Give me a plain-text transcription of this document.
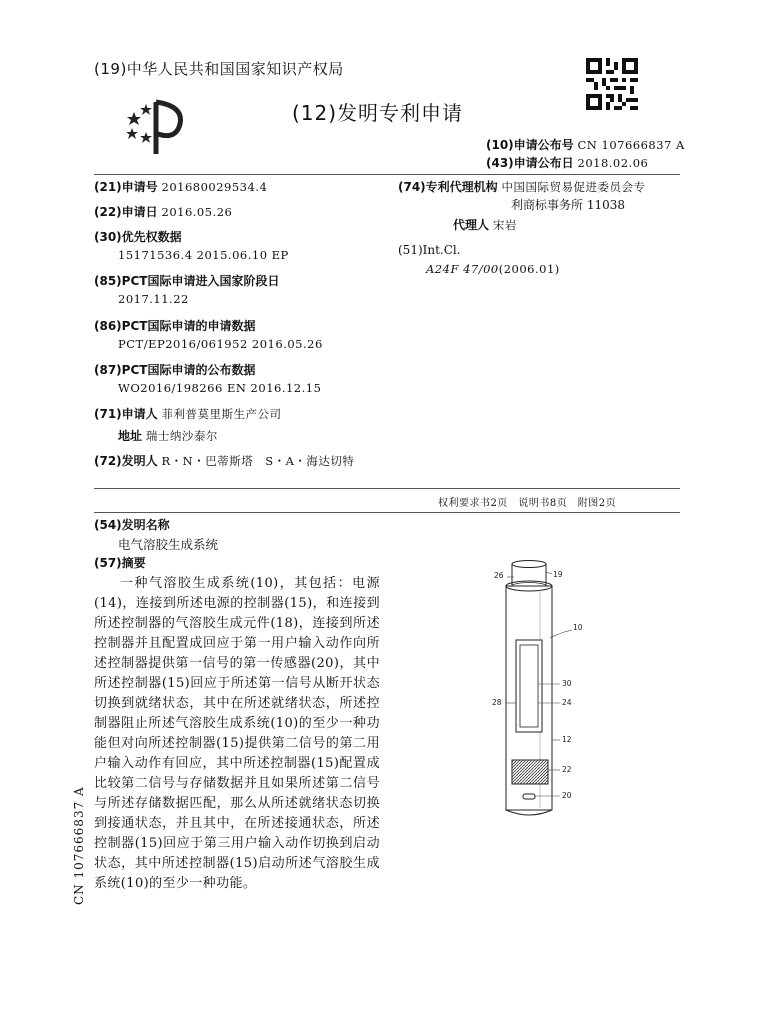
(19)中华人民共和国国家知识产权局
(12)发明专利申请
(10)申请公布号 CN 107666837 A
(43)申请公布日 2018.02.06
(21)申请号 201680029534.4
(22)申请日 2016.05.26
(30)优先权数据
15171536.4 2015.06.10 EP
(85)PCT国际申请进入国家阶段日
2017.11.22
(86)PCT国际申请的申请数据
PCT/EP2016/061952 2016.05.26
(87)PCT国际申请的公布数据
WO2016/198266 EN 2016.12.15
(71)申请人 菲利普莫里斯生产公司
地址 瑞士纳沙泰尔
(72)发明人 R・N・巴蒂斯塔　S・A・海达切特
(74)专利代理机构 中国国际贸易促进委员会专
利商标事务所 11038
代理人 宋岩
(51)Int.Cl.
A24F 47/00(2006.01)
权利要求书2页　说明书8页　附图2页
(54)发明名称
电气溶胶生成系统
(57)摘要
一种气溶胶生成系统(10)，其包括：电源(14)，连接到所述电源的控制器(15)，和连接到所述控制器的气溶胶生成元件(18)，连接到所述控制器并且配置成回应于第一用户输入动作向所述控制器提供第一信号的第一传感器(20)，其中所述控制器(15)回应于所述第一信号从断开状态切换到就绪状态，其中在所述就绪状态，所述控制器阻止所述气溶胶生成系统(10)的至少一种功能但对向所述控制器(15)提供第二信号的第二用户输入动作有回应，其中所述控制器(15)配置成比较第二信号与存储数据并且如果所述第二信号与所述存储数据匹配，那么从所述就绪状态切换到接通状态，并且其中，在所述接通状态，所述控制器(15)回应于第三用户输入动作切换到启动状态，其中所述控制器(15)启动所述气溶胶生成系统(10)的至少一种功能。
CN 107666837 A
26	19
10
30
28	24
12
22
20
